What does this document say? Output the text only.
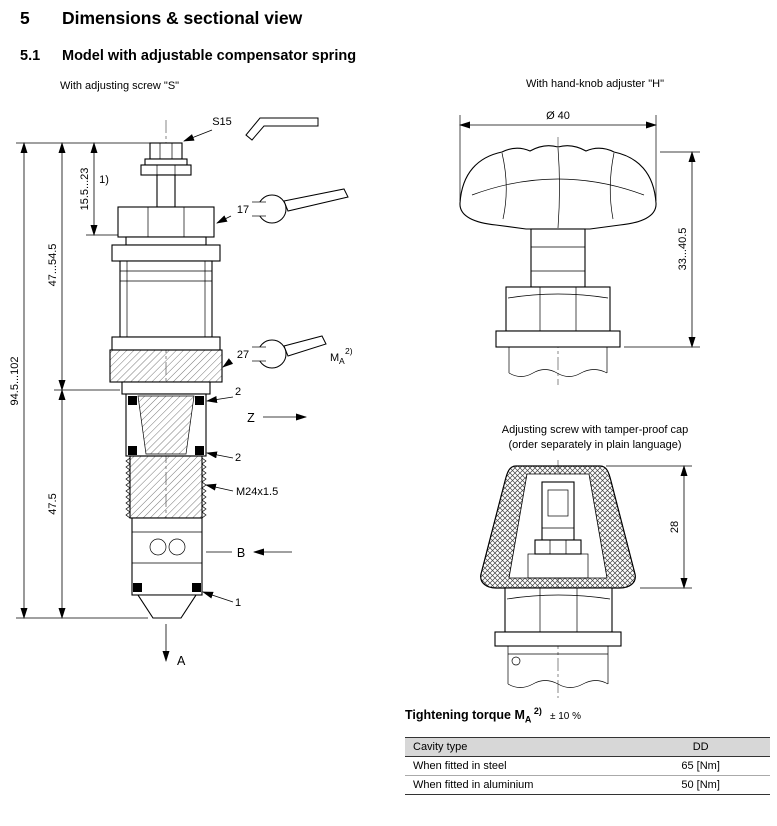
5	Dimensions & sectional view
5.1	Model with adjustable compensator spring
With adjusting screw "S"	With hand-knob adjuster "H"
Adjusting screw with tamper-proof cap
(order separately in plain language)
94.5...102
47...54.5
47.5
15.5...23
S15
1)
17
27	M A
2)
2
Z
2
M24x1.5
B
1
A
Ø 40
33...40.5
28
Tightening torque $M_A$ $^{2)}$± 10 %
Cavity type	DD
When fitted in steel	65 [Nm]
When fitted in aluminium	50 [Nm]
